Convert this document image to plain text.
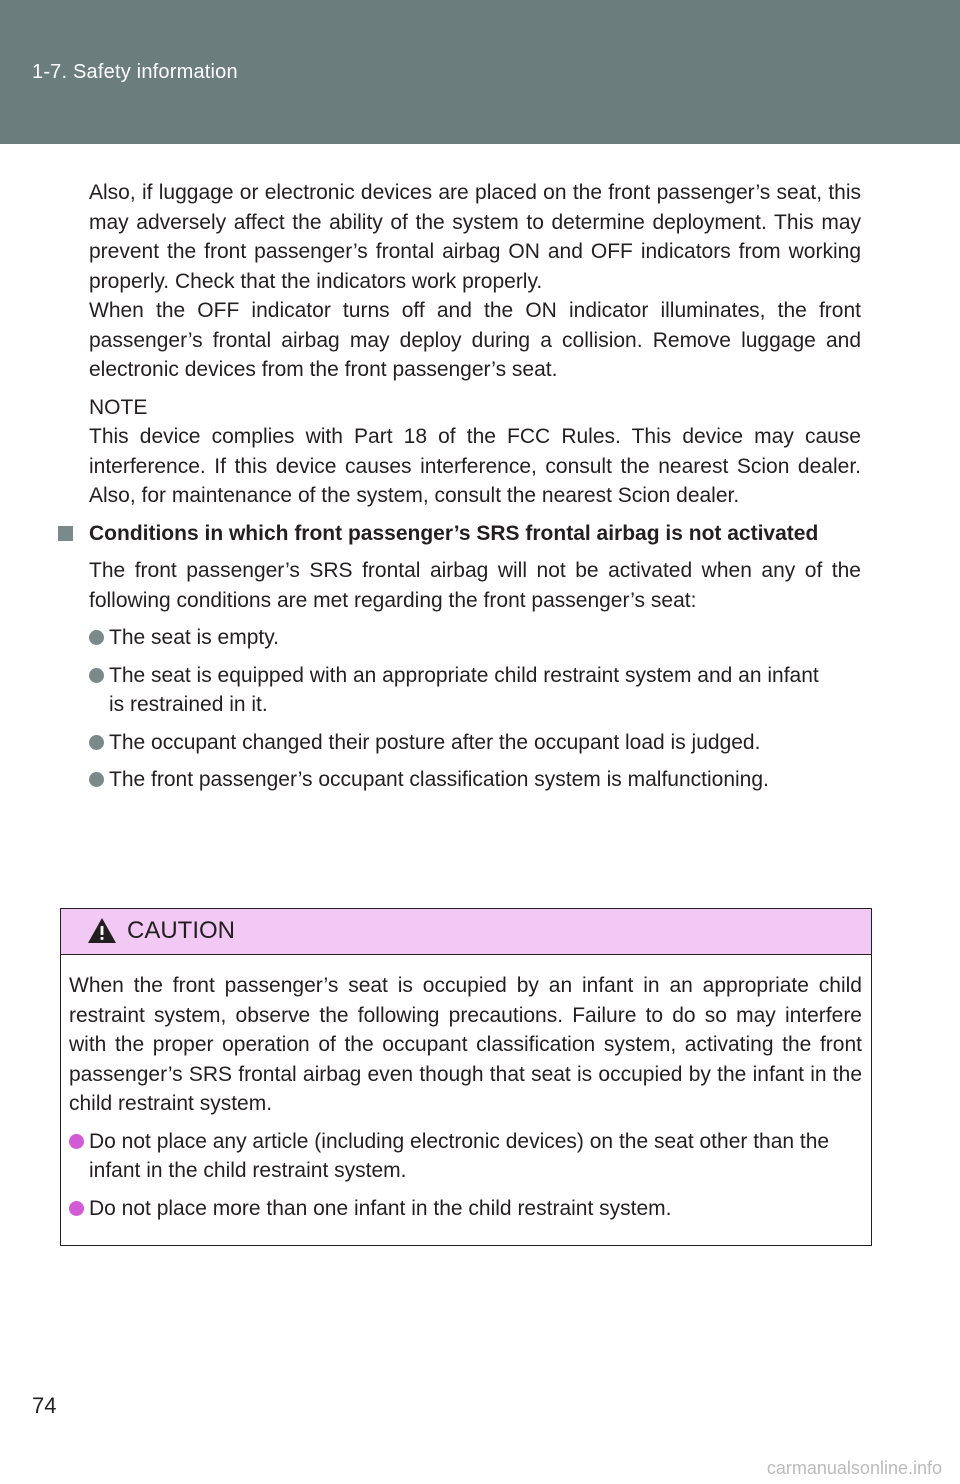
1-7. Safety information

Also, if luggage or electronic devices are placed on the front passenger’s seat, this may adversely affect the ability of the system to determine deployment. This may prevent the front passenger’s frontal airbag ON and OFF indicators from working properly. Check that the indicators work properly.

When the OFF indicator turns off and the ON indicator illuminates, the front passenger’s frontal airbag may deploy during a collision. Remove luggage and electronic devices from the front passenger’s seat.

NOTE

This device complies with Part 18 of the FCC Rules. This device may cause interference. If this device causes interference, consult the nearest Scion dealer. Also, for maintenance of the system, consult the nearest Scion dealer.

Conditions in which front passenger’s SRS frontal airbag is not activated

The front passenger’s SRS frontal airbag will not be activated when any of the following conditions are met regarding the front passenger’s seat:

The seat is empty.

The seat is equipped with an appropriate child restraint system and an infant is restrained in it.

The occupant changed their posture after the occupant load is judged.

The front passenger’s occupant classification system is malfunctioning.

CAUTION

When the front passenger’s seat is occupied by an infant in an appropriate child restraint system, observe the following precautions. Failure to do so may interfere with the proper operation of the occupant classification system, activating the front passenger’s SRS frontal airbag even though that seat is occupied by the infant in the child restraint system.

Do not place any article (including electronic devices) on the seat other than the infant in the child restraint system.

Do not place more than one infant in the child restraint system.

74
carmanualsonline.info
